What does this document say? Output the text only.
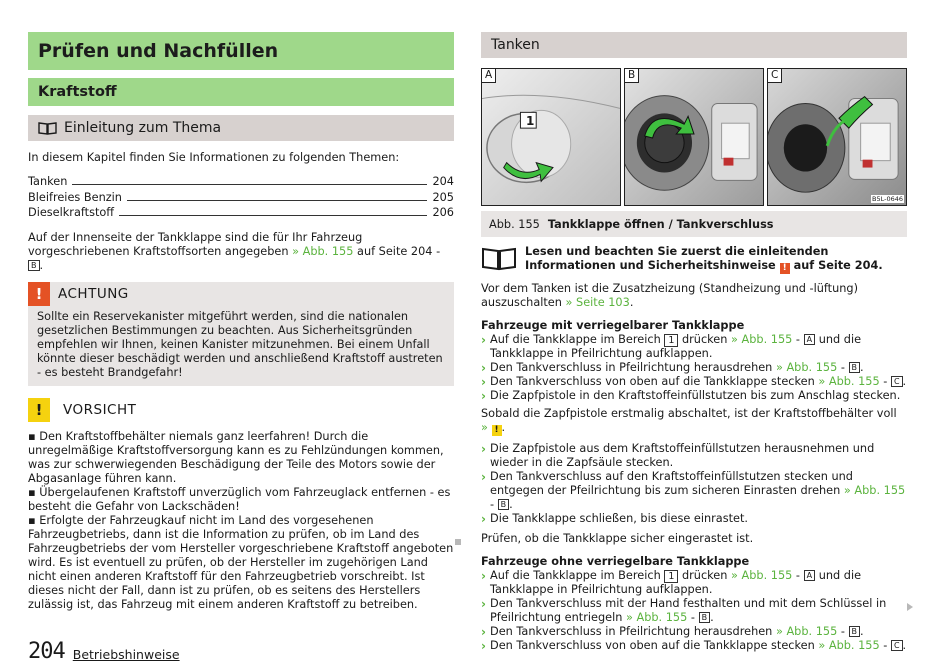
Prüfen und Nachfüllen
Kraftstoff
Einleitung zum Thema

In diesem Kapitel finden Sie Informationen zu folgenden Themen:

Tanken	204
Bleifreies Benzin	205
Dieselkraftstoff	206

Auf der Innenseite der Tankklappe sind die für Ihr Fahrzeug vorgeschriebenen Kraftstoffsorten angegeben » Abb. 155 auf Seite 204 - B .

!	ACHTUNG

Sollte ein Reservekanister mitgeführt werden, sind die nationalen gesetzlichen Bestimmungen zu beachten. Aus Sicherheitsgründen empfehlen wir Ihnen, keinen Kanister mitzunehmen. Bei einem Unfall könnte dieser beschädigt werden und anschließend Kraftstoff austreten - es besteht Brandgefahr!

!	VORSICHT

▪ Den Kraftstoffbehälter niemals ganz leerfahren! Durch die unregelmäßige Kraftstoffversorgung kann es zu Fehlzündungen kommen, was zur schwerwiegenden Beschädigung der Teile des Motors sowie der Abgasanlage führen kann.

▪ Übergelaufenen Kraftstoff unverzüglich vom Fahrzeuglack entfernen - es besteht die Gefahr von Lackschäden!

▪ Erfolgte der Fahrzeugkauf nicht im Land des vorgesehenen Fahrzeugbetriebs, dann ist die Information zu prüfen, ob im Land des Fahrzeugbetriebs der vom Hersteller vorgeschriebene Kraftstoff angeboten wird. Es ist eventuell zu prüfen, ob der Hersteller im zugehörigen Land nicht einen anderen Kraftstoff für den Fahrzeugbetrieb vorschreibt. Ist dieses nicht der Fall, dann ist zu prüfen, ob es seitens des Herstellers zulässig ist, das Fahrzeug mit einem anderen Kraftstoff zu betreiben.

Tanken
A
1
B	C
B5L-0646
Abb. 155 Tankklappe öffnen / Tankverschluss

Lesen und beachten Sie zuerst die einleitenden Informationen und Sicherheitshinweise ! auf Seite 204.

Vor dem Tanken ist die Zusatzheizung (Standheizung und -lüftung) auszuschalten » Seite 103.

Fahrzeuge mit verriegelbarer Tankklappe
› Auf die Tankklappe im Bereich 1 drücken » Abb. 155 - A und die Tankklappe in Pfeilrichtung aufklappen.
› Den Tankverschluss in Pfeilrichtung herausdrehen » Abb. 155 - B .
› Den Tankverschluss von oben auf die Tankklappe stecken » Abb. 155 - C .
› Die Zapfpistole in den Kraftstoffeinfüllstutzen bis zum Anschlag stecken.

Sobald die Zapfpistole erstmalig abschaltet, ist der Kraftstoffbehälter voll » ! .

› Die Zapfpistole aus dem Kraftstoffeinfüllstutzen herausnehmen und wieder in die Zapfsäule stecken.
› Den Tankverschluss auf den Kraftstoffeinfüllstutzen stecken und entgegen der Pfeilrichtung bis zum sicheren Einrasten drehen » Abb. 155 - B .
› Die Tankklappe schließen, bis diese einrastet.

Prüfen, ob die Tankklappe sicher eingerastet ist.

Fahrzeuge ohne verriegelbare Tankklappe
› Auf die Tankklappe im Bereich 1 drücken » Abb. 155 - A und die Tankklappe in Pfeilrichtung aufklappen.
› Den Tankverschluss mit der Hand festhalten und mit dem Schlüssel in Pfeilrichtung entriegeln » Abb. 155 - B .
› Den Tankverschluss in Pfeilrichtung herausdrehen » Abb. 155 - B .
› Den Tankverschluss von oben auf die Tankklappe stecken » Abb. 155 - C .
204 Betriebshinweise
